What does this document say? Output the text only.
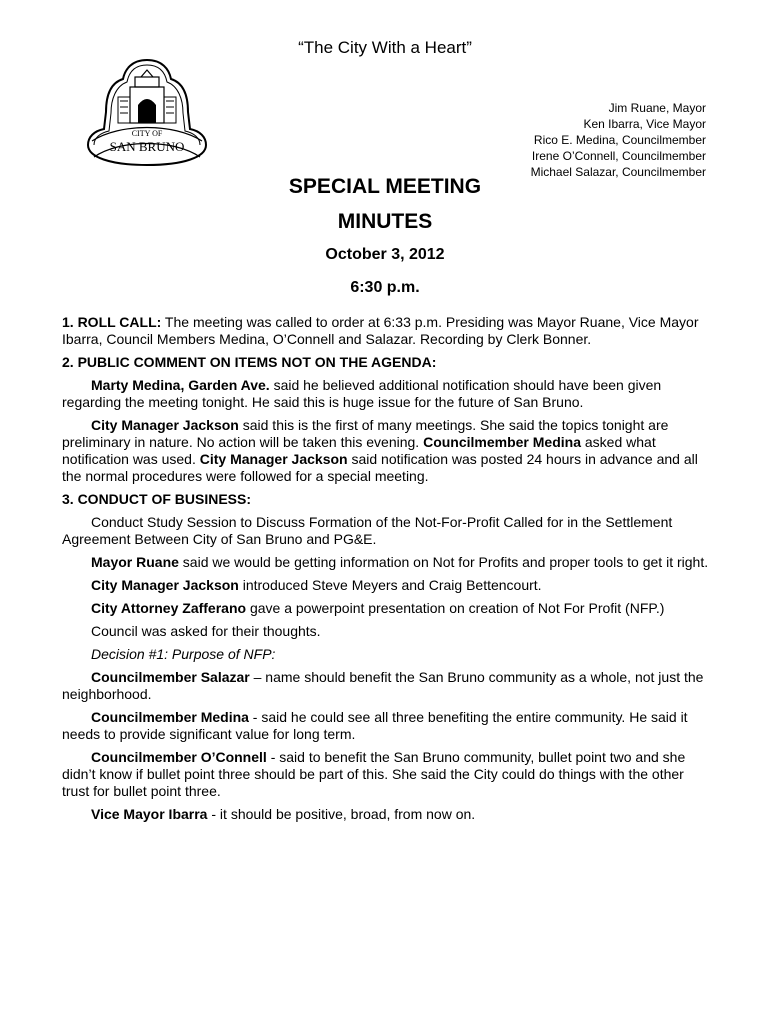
“The City With a Heart”
CITY OF
SAN BRUNO
Jim Ruane, Mayor
Ken Ibarra, Vice Mayor
Rico E. Medina, Councilmember
Irene O’Connell, Councilmember
Michael Salazar, Councilmember
SPECIAL MEETING
MINUTES
October 3, 2012
6:30 p.m.

1. ROLL CALL: The meeting was called to order at 6:33 p.m. Presiding was Mayor Ruane, Vice Mayor Ibarra, Council Members Medina, O’Connell and Salazar. Recording by Clerk Bonner.

2. PUBLIC COMMENT ON ITEMS NOT ON THE AGENDA:

Marty Medina, Garden Ave. said he believed additional notification should have been given regarding the meeting tonight. He said this is huge issue for the future of San Bruno.

City Manager Jackson said this is the first of many meetings. She said the topics tonight are preliminary in nature. No action will be taken this evening. Councilmember Medina asked what notification was used. City Manager Jackson said notification was posted 24 hours in advance and all the normal procedures were followed for a special meeting.

3. CONDUCT OF BUSINESS:

Conduct Study Session to Discuss Formation of the Not-For-Profit Called for in the Settlement Agreement Between City of San Bruno and PG&E.

Mayor Ruane said we would be getting information on Not for Profits and proper tools to get it right.

City Manager Jackson introduced Steve Meyers and Craig Bettencourt.

City Attorney Zafferano gave a powerpoint presentation on creation of Not For Profit (NFP.)

Council was asked for their thoughts.

Decision #1: Purpose of NFP:

Councilmember Salazar – name should benefit the San Bruno community as a whole, not just the neighborhood.

Councilmember Medina - said he could see all three benefiting the entire community. He said it needs to provide significant value for long term.

Councilmember O’Connell - said to benefit the San Bruno community, bullet point two and she didn’t know if bullet point three should be part of this. She said the City could do things with the other trust for bullet point three.

Vice Mayor Ibarra - it should be positive, broad, from now on.
